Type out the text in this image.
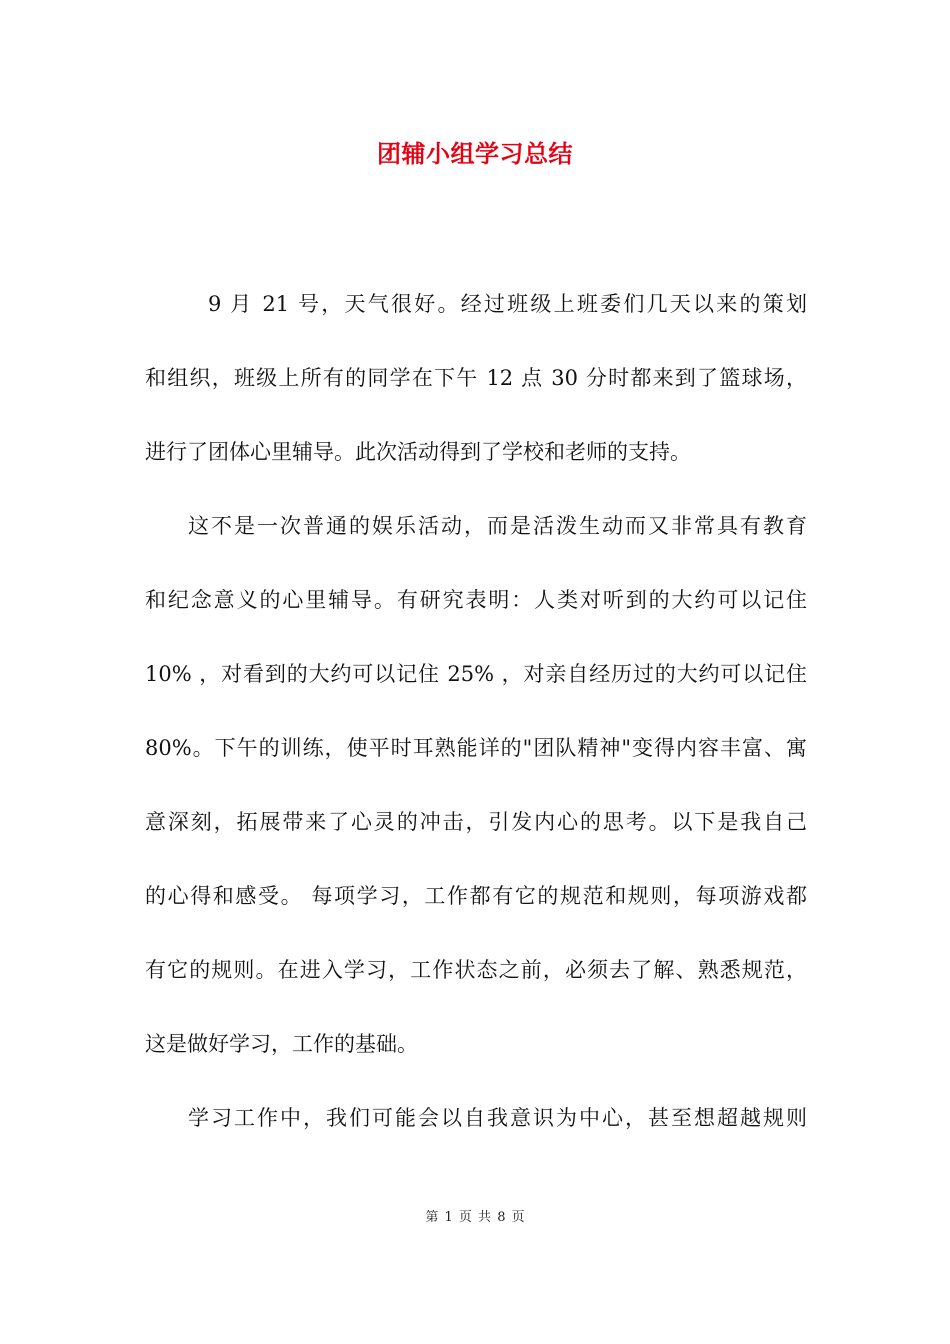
团辅小组学习总结
9 月 21 号，天气很好。经过班级上班委们几天以来的策划
和组织，班级上所有的同学在下午 12 点 30 分时都来到了篮球场，
进行了团体心里辅导。此次活动得到了学校和老师的支持。
这不是一次普通的娱乐活动，而是活泼生动而又非常具有教育
和纪念意义的心里辅导。有研究表明：人类对听到的大约可以记住
10% ，对看到的大约可以记住 25% ，对亲自经历过的大约可以记住
80%。下午的训练，使平时耳熟能详的"团队精神"变得内容丰富、寓
意深刻，拓展带来了心灵的冲击，引发内心的思考。以下是我自己
的心得和感受。 每项学习，工作都有它的规范和规则，每项游戏都
有它的规则。在进入学习，工作状态之前，必须去了解、熟悉规范，
这是做好学习，工作的基础。
学习工作中，我们可能会以自我意识为中心，甚至想超越规则
第 1 页 共 8 页
